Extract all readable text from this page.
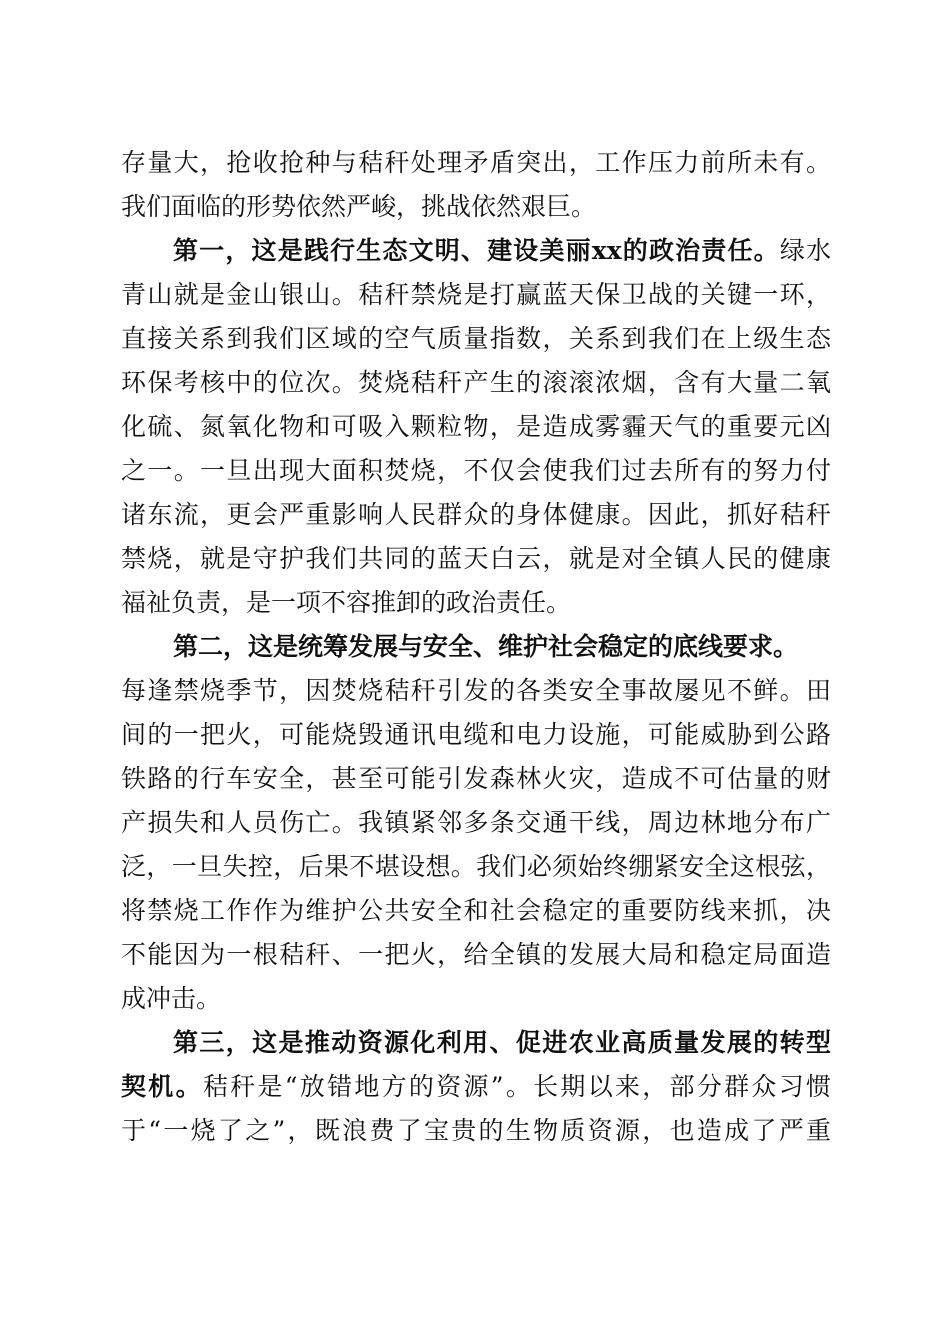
存量大，抢收抢种与秸秆处理矛盾突出，工作压力前所未有。
我们面临的形势依然严峻，挑战依然艰巨。
第一，这是践行生态文明、建设美丽xx的政治责任。绿水
青山就是金山银山。秸秆禁烧是打赢蓝天保卫战的关键一环，
直接关系到我们区域的空气质量指数，关系到我们在上级生态
环保考核中的位次。焚烧秸秆产生的滚滚浓烟，含有大量二氧
化硫、氮氧化物和可吸入颗粒物，是造成雾霾天气的重要元凶
之一。一旦出现大面积焚烧，不仅会使我们过去所有的努力付
诸东流，更会严重影响人民群众的身体健康。因此，抓好秸秆
禁烧，就是守护我们共同的蓝天白云，就是对全镇人民的健康
福祉负责，是一项不容推卸的政治责任。
第二，这是统筹发展与安全、维护社会稳定的底线要求。
每逢禁烧季节，因焚烧秸秆引发的各类安全事故屡见不鲜。田
间的一把火，可能烧毁通讯电缆和电力设施，可能威胁到公路
铁路的行车安全，甚至可能引发森林火灾，造成不可估量的财
产损失和人员伤亡。我镇紧邻多条交通干线，周边林地分布广
泛，一旦失控，后果不堪设想。我们必须始终绷紧安全这根弦，
将禁烧工作作为维护公共安全和社会稳定的重要防线来抓，决
不能因为一根秸秆、一把火，给全镇的发展大局和稳定局面造
成冲击。
第三，这是推动资源化利用、促进农业高质量发展的转型
契机。秸秆是“放错地方的资源”。长期以来，部分群众习惯
于“一烧了之”，既浪费了宝贵的生物质资源，也造成了严重
